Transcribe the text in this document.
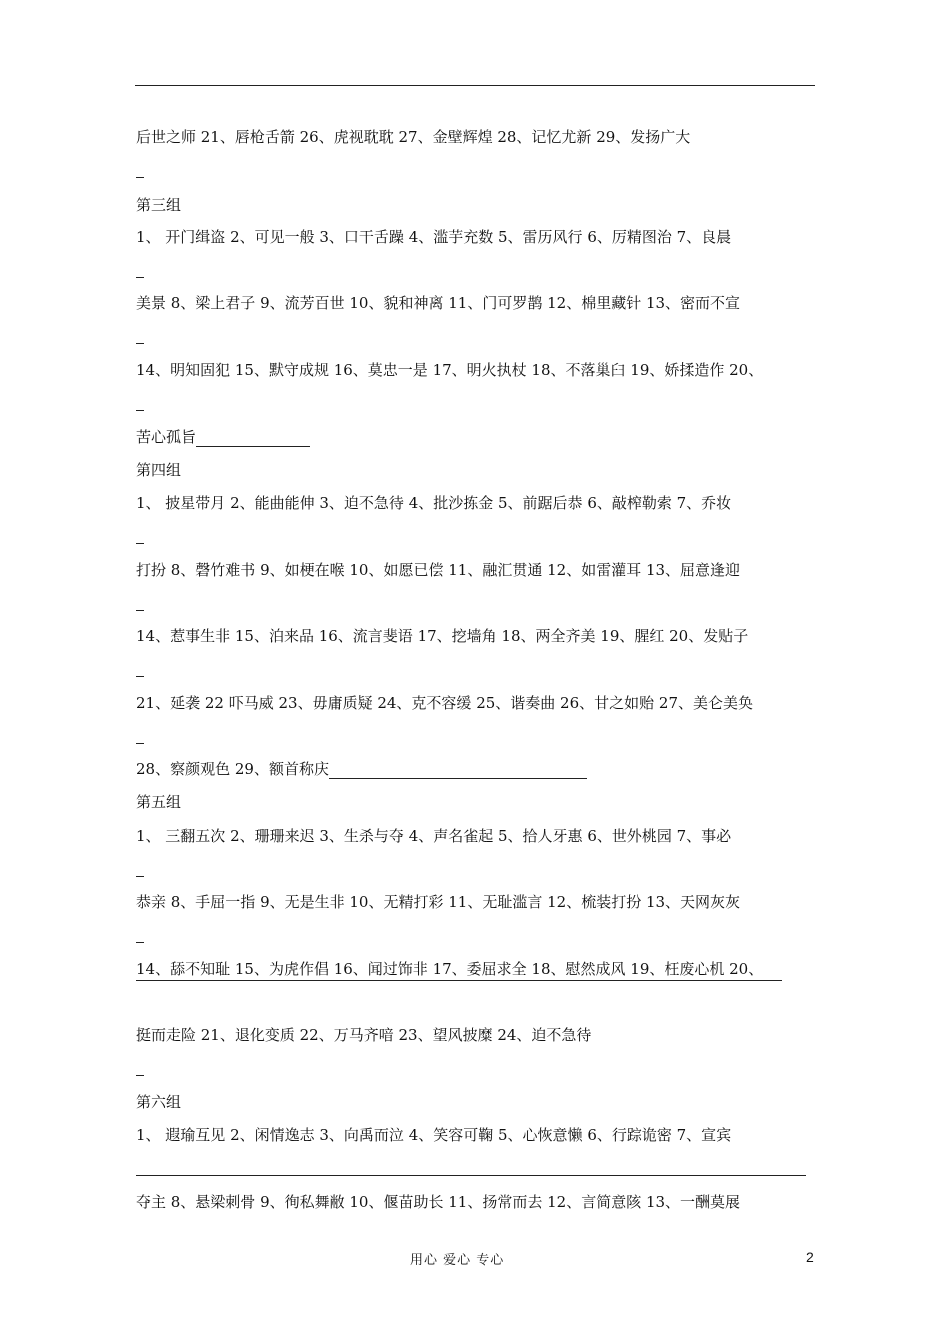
后世之师 21、唇枪舌箭 26、虎视耽耽 27、金壁辉煌 28、记忆尤新 29、发扬广大
第三组
1、 开门缉盗 2、可见一般 3、口干舌躁 4、滥芋充数 5、雷历风行 6、厉精图治 7、良晨
美景 8、梁上君子 9、流芳百世 10、貌和神离 11、门可罗鹊 12、棉里藏针 13、密而不宣
14、明知固犯 15、默守成规 16、莫忠一是 17、明火执杖 18、不落巢臼 19、娇揉造作 20、
苦心孤旨
第四组
1、 披星带月 2、能曲能伸 3、迫不急待 4、批沙拣金 5、前踞后恭 6、敲榨勒索 7、乔妆
打扮 8、磬竹难书 9、如梗在喉 10、如愿已偿 11、融汇贯通 12、如雷灌耳 13、屈意逢迎
14、惹事生非 15、泊来品 16、流言斐语 17、挖墙角 18、两全齐美 19、腥红 20、发贴子
21、延袭 22 吓马威 23、毋庸质疑 24、克不容缓 25、谐奏曲 26、甘之如贻 27、美仑美奂
28、察颜观色 29、额首称庆
第五组
1、 三翻五次 2、珊珊来迟 3、生杀与夺 4、声名雀起 5、拾人牙惠 6、世外桃园 7、事必
恭亲 8、手屈一指 9、无是生非 10、无精打彩 11、无耻滥言 12、梳装打扮 13、天网灰灰
14、舔不知耻 15、为虎作倡 16、闻过饰非 17、委屈求全 18、慰然成风 19、枉废心机 20、
挺而走险 21、退化变质 22、万马齐喑 23、望风披糜 24、迫不急待
第六组
1、 遐瑜互见 2、闲情逸志 3、向禹而泣 4、笑容可鞠 5、心恢意懒 6、行踪诡密 7、宣宾
夺主 8、悬梁刺骨 9、徇私舞敝 10、偃苗助长 11、扬常而去 12、言简意陔 13、一酬莫展
用心 爱心 专心	2
